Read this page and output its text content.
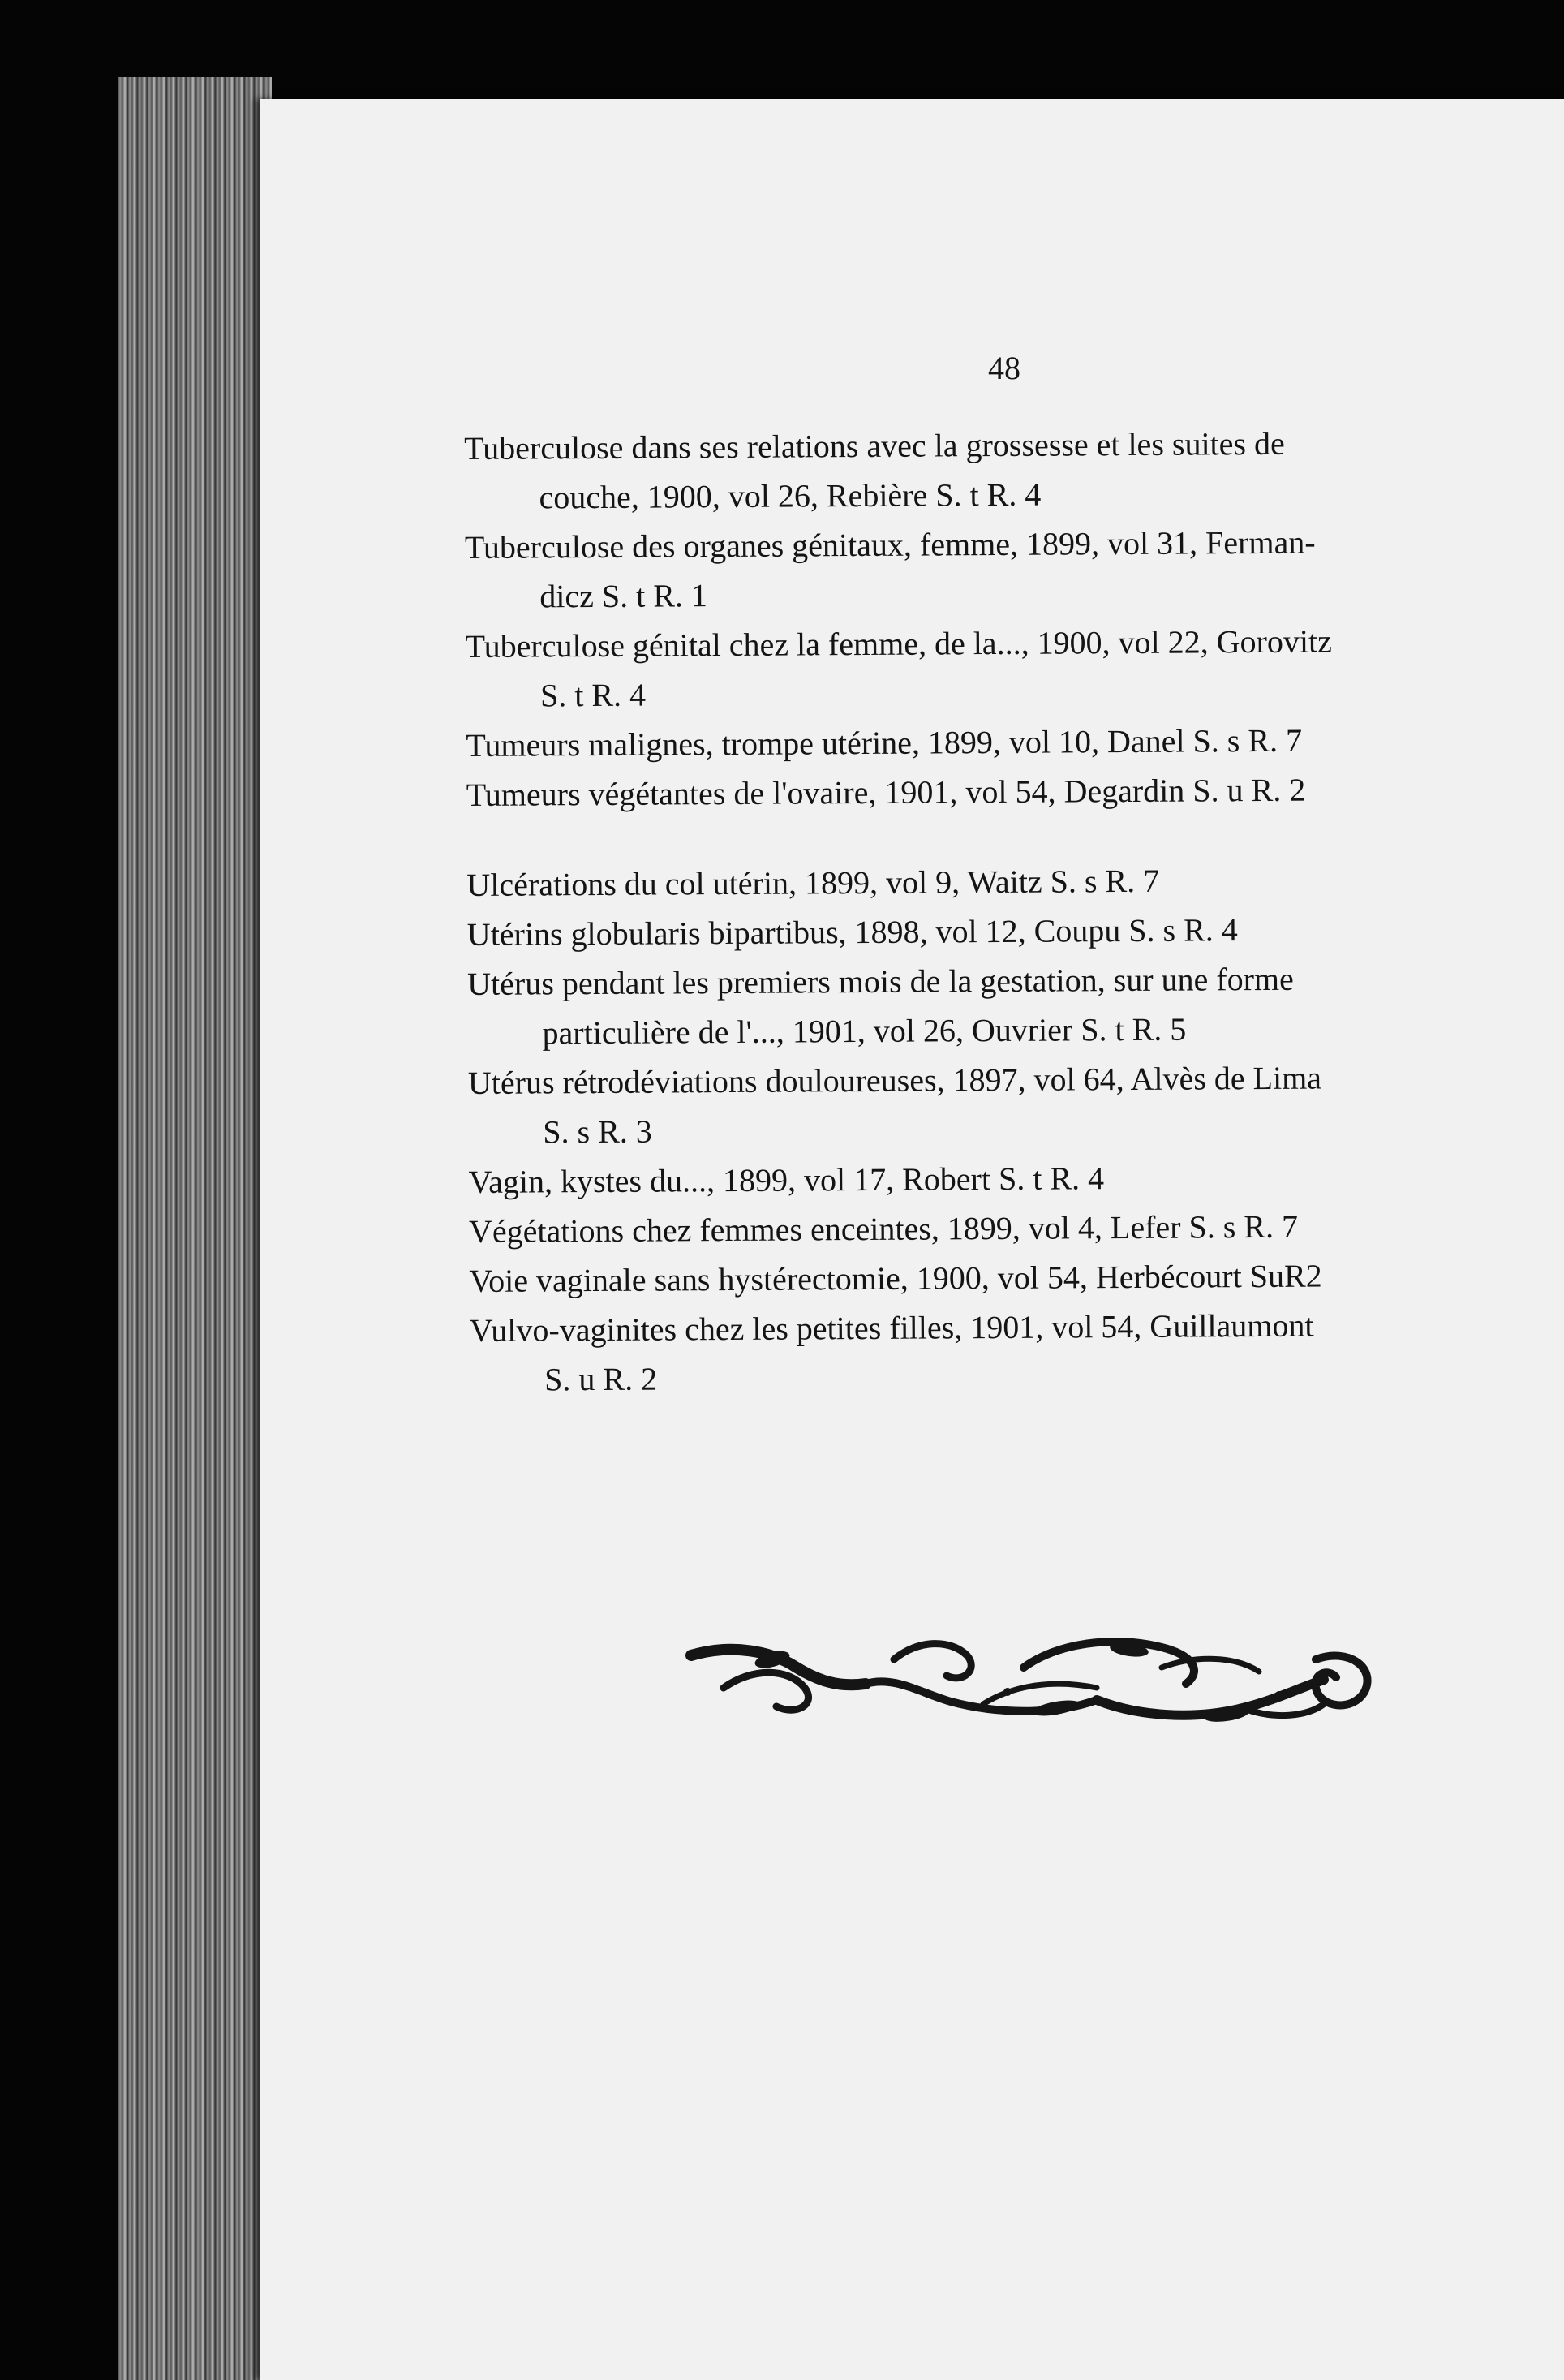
48
Tuberculose dans ses relations avec la grossesse et les suites de
couche, 1900, vol 26, Rebière S. t R. 4
Tuberculose des organes génitaux, femme, 1899, vol 31, Ferman-
dicz S. t R. 1
Tuberculose génital chez la femme, de la..., 1900, vol 22, Gorovitz
S. t R. 4
Tumeurs malignes, trompe utérine, 1899, vol 10, Danel S. s R. 7
Tumeurs végétantes de l'ovaire, 1901, vol 54, Degardin S. u R. 2
Ulcérations du col utérin, 1899, vol 9, Waitz S. s R. 7
Utérins globularis bipartibus, 1898, vol 12, Coupu S. s R. 4
Utérus pendant les premiers mois de la gestation, sur une forme
particulière de l'..., 1901, vol 26, Ouvrier S. t R. 5
Utérus rétrodéviations douloureuses, 1897, vol 64, Alvès de Lima
S. s R. 3
Vagin, kystes du..., 1899, vol 17, Robert S. t R. 4
Végétations chez femmes enceintes, 1899, vol 4, Lefer S. s R. 7
Voie vaginale sans hystérectomie, 1900, vol 54, Herbécourt SuR2
Vulvo-vaginites chez les petites filles, 1901, vol 54, Guillaumont
S. u R. 2
